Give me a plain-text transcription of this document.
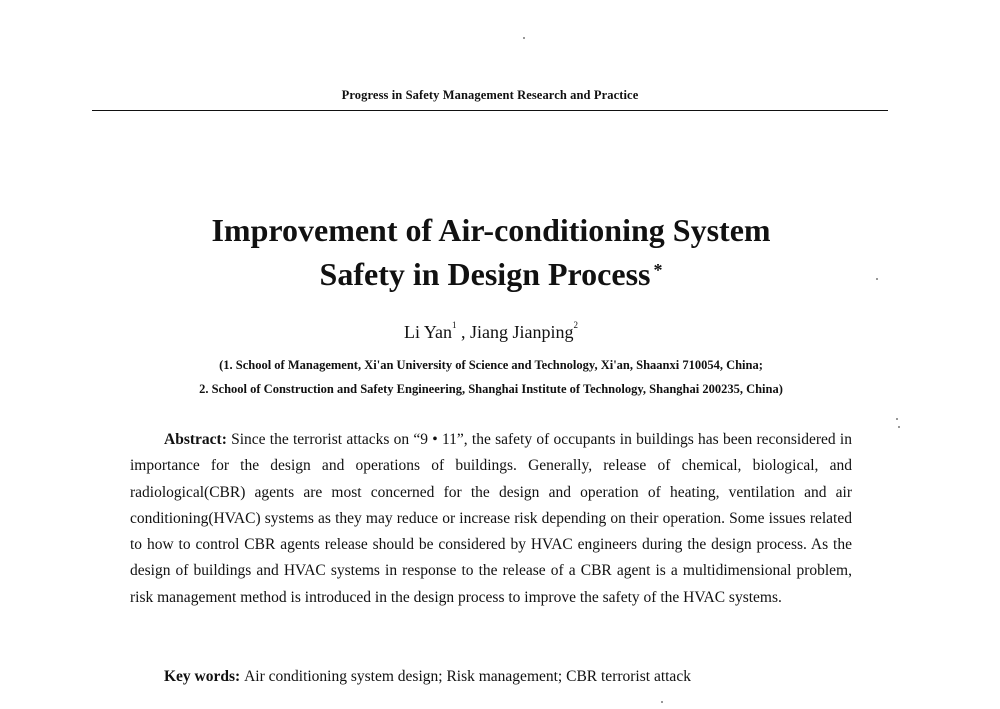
Progress in Safety Management Research and Practice
Improvement of Air-conditioning System
Safety in Design Process *
Li Yan$^1$ , Jiang Jianping$^2$
(1. School of Management, Xi'an University of Science and Technology, Xi'an, Shaanxi 710054, China;
2. School of Construction and Safety Engineering, Shanghai Institute of Technology, Shanghai 200235, China)

Abstract: Since the terrorist attacks on “9 • 11”, the safety of occupants in buildings has been reconsidered in importance for the design and operations of buildings. Generally, release of chemical, biological, and radiological(CBR) agents are most concerned for the design and operation of heating, ventilation and air conditioning(HVAC) systems as they may reduce or increase risk depending on their operation. Some issues related to how to control CBR agents release should be considered by HVAC engineers during the design process. As the design of buildings and HVAC systems in response to the release of a CBR agent is a multidimensional problem, risk management method is introduced in the design process to improve the safety of the HVAC systems.

Key words: Air conditioning system design; Risk management; CBR terrorist attack
